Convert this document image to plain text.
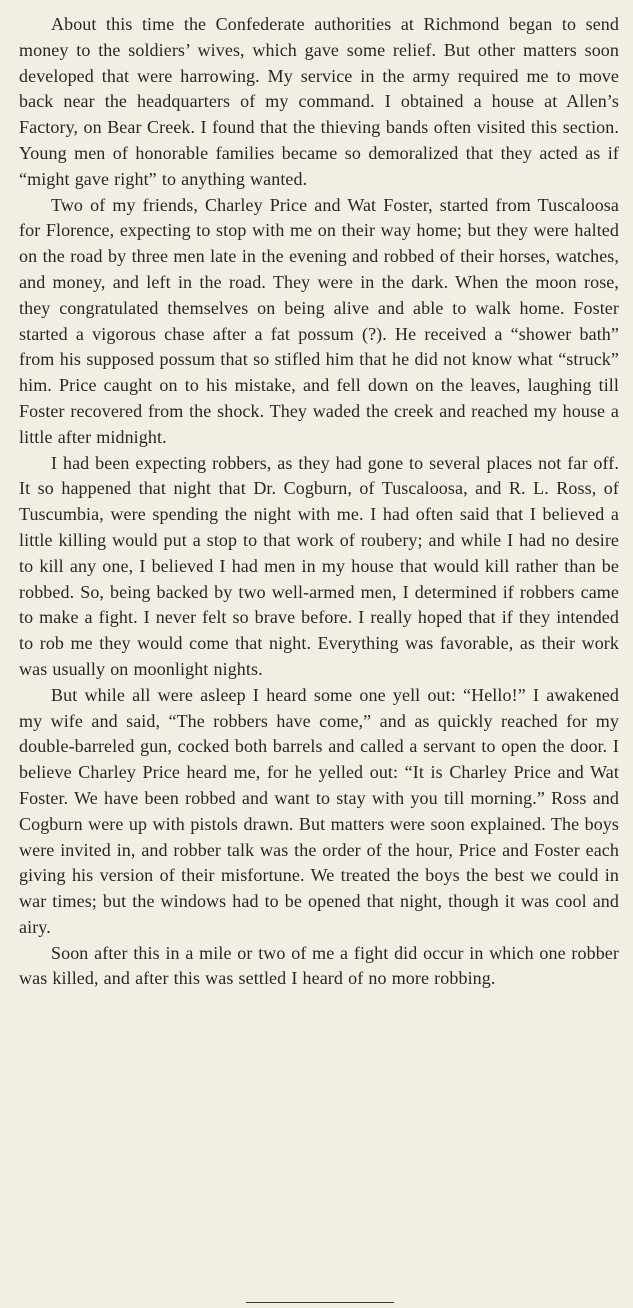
About this time the Confederate authorities at Richmond began to send money to the soldiers’ wives, which gave some relief. But other matters soon developed that were harrowing. My service in the army required me to move back near the headquarters of my command. I obtained a house at Allen’s Factory, on Bear Creek. I found that the thieving bands often visited this section. Young men of honorable families became so demoralized that they acted as if “might gave right” to anything wanted.

Two of my friends, Charley Price and Wat Foster, started from Tuscaloosa for Florence, expecting to stop with me on their way home; but they were halted on the road by three men late in the evening and robbed of their horses, watches, and money, and left in the road. They were in the dark. When the moon rose, they congratulated themselves on being alive and able to walk home. Foster started a vigorous chase after a fat possum (?). He received a “shower bath” from his supposed possum that so stifled him that he did not know what “struck” him. Price caught on to his mistake, and fell down on the leaves, laughing till Foster recovered from the shock. They waded the creek and reached my house a little after midnight.

I had been expecting robbers, as they had gone to several places not far off. It so happened that night that Dr. Cogburn, of Tuscaloosa, and R. L. Ross, of Tuscumbia, were spending the night with me. I had often said that I believed a little killing would put a stop to that work of roubery; and while I had no desire to kill any one, I believed I had men in my house that would kill rather than be robbed. So, being backed by two well-armed men, I determined if robbers came to make a fight. I never felt so brave before. I really hoped that if they intended to rob me they would come that night. Everything was favorable, as their work was usually on moonlight nights.

But while all were asleep I heard some one yell out: “Hello!” I awakened my wife and said, “The robbers have come,” and as quickly reached for my double-barreled gun, cocked both barrels and called a servant to open the door. I believe Charley Price heard me, for he yelled out: “It is Charley Price and Wat Foster. We have been robbed and want to stay with you till morning.” Ross and Cogburn were up with pistols drawn. But matters were soon explained. The boys were invited in, and robber talk was the order of the hour, Price and Foster each giving his version of their misfortune. We treated the boys the best we could in war times; but the windows had to be opened that night, though it was cool and airy.

Soon after this in a mile or two of me a fight did occur in which one robber was killed, and after this was settled I heard of no more robbing.
